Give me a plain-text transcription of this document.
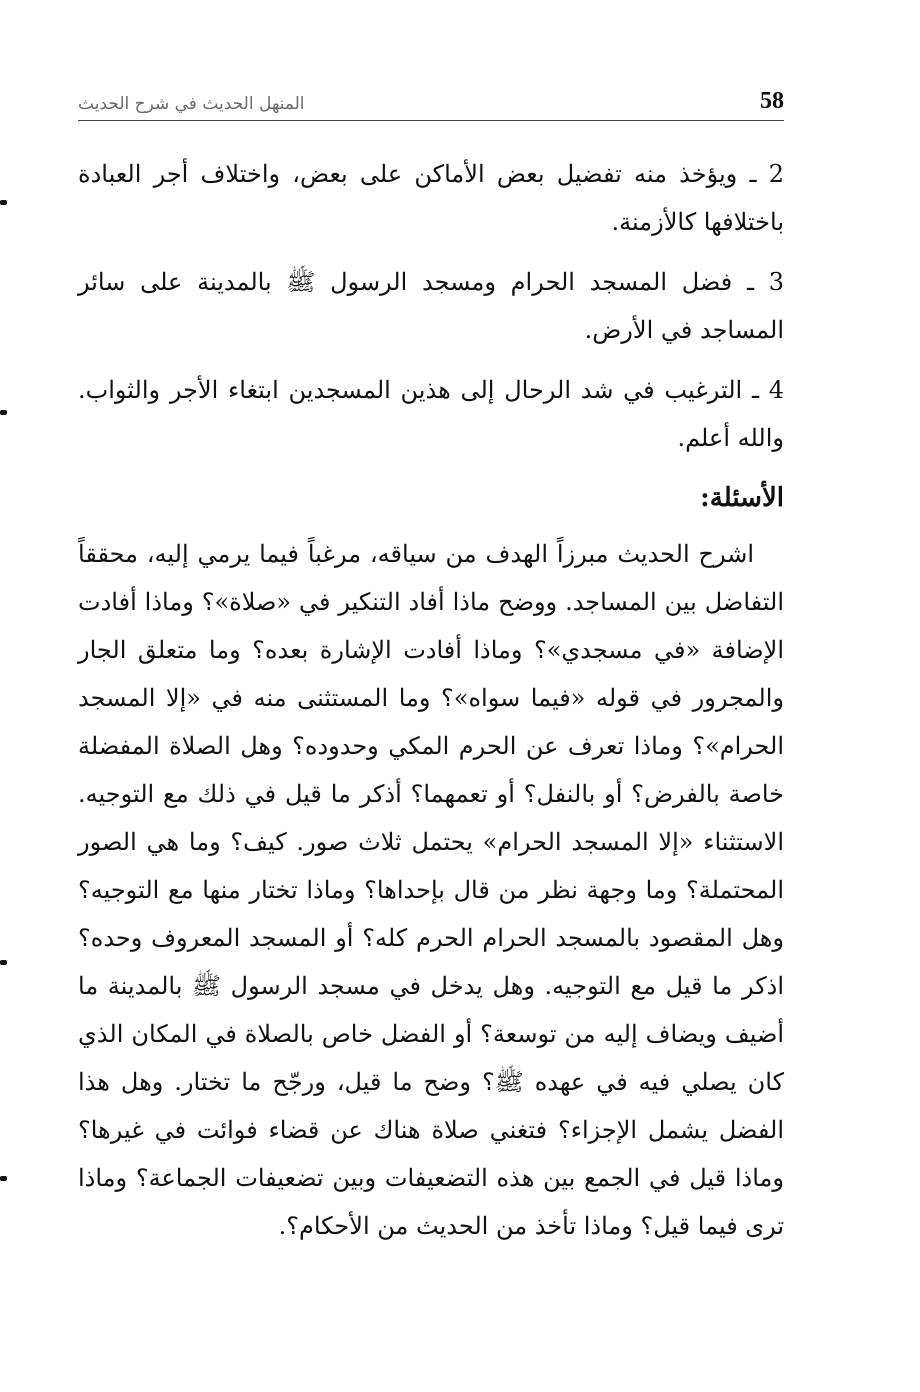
58
المنهل الحديث في شرح الحديث

2 ـ ويؤخذ منه تفضيل بعض الأماكن على بعض، واختلاف أجر العبادة باختلافها كالأزمنة.

3 ـ فضل المسجد الحرام ومسجد الرسول ﷺ بالمدينة على سائر المساجد في الأرض.

4 ـ الترغيب في شد الرحال إلى هذين المسجدين ابتغاء الأجر والثواب. والله أعلم.

الأسئلة:

اشرح الحديث مبرزاً الهدف من سياقه، مرغباً فيما يرمي إليه، محققاً التفاضل بين المساجد. ووضح ماذا أفاد التنكير في «صلاة»؟ وماذا أفادت الإضافة «في مسجدي»؟ وماذا أفادت الإشارة بعده؟ وما متعلق الجار والمجرور في قوله «فيما سواه»؟ وما المستثنى منه في «إلا المسجد الحرام»؟ وماذا تعرف عن الحرم المكي وحدوده؟ وهل الصلاة المفضلة خاصة بالفرض؟ أو بالنفل؟ أو تعمهما؟ أذكر ما قيل في ذلك مع التوجيه. الاستثناء «إلا المسجد الحرام» يحتمل ثلاث صور. كيف؟ وما هي الصور المحتملة؟ وما وجهة نظر من قال بإحداها؟ وماذا تختار منها مع التوجيه؟ وهل المقصود بالمسجد الحرام الحرم كله؟ أو المسجد المعروف وحده؟ اذكر ما قيل مع التوجيه. وهل يدخل في مسجد الرسول ﷺ بالمدينة ما أضيف ويضاف إليه من توسعة؟ أو الفضل خاص بالصلاة في المكان الذي كان يصلي فيه في عهده ﷺ؟ وضح ما قيل، ورجّح ما تختار. وهل هذا الفضل يشمل الإجزاء؟ فتغني صلاة هناك عن قضاء فوائت في غيرها؟ وماذا قيل في الجمع بين هذه التضعيفات وبين تضعيفات الجماعة؟ وماذا ترى فيما قيل؟ وماذا تأخذ من الحديث من الأحكام؟.
